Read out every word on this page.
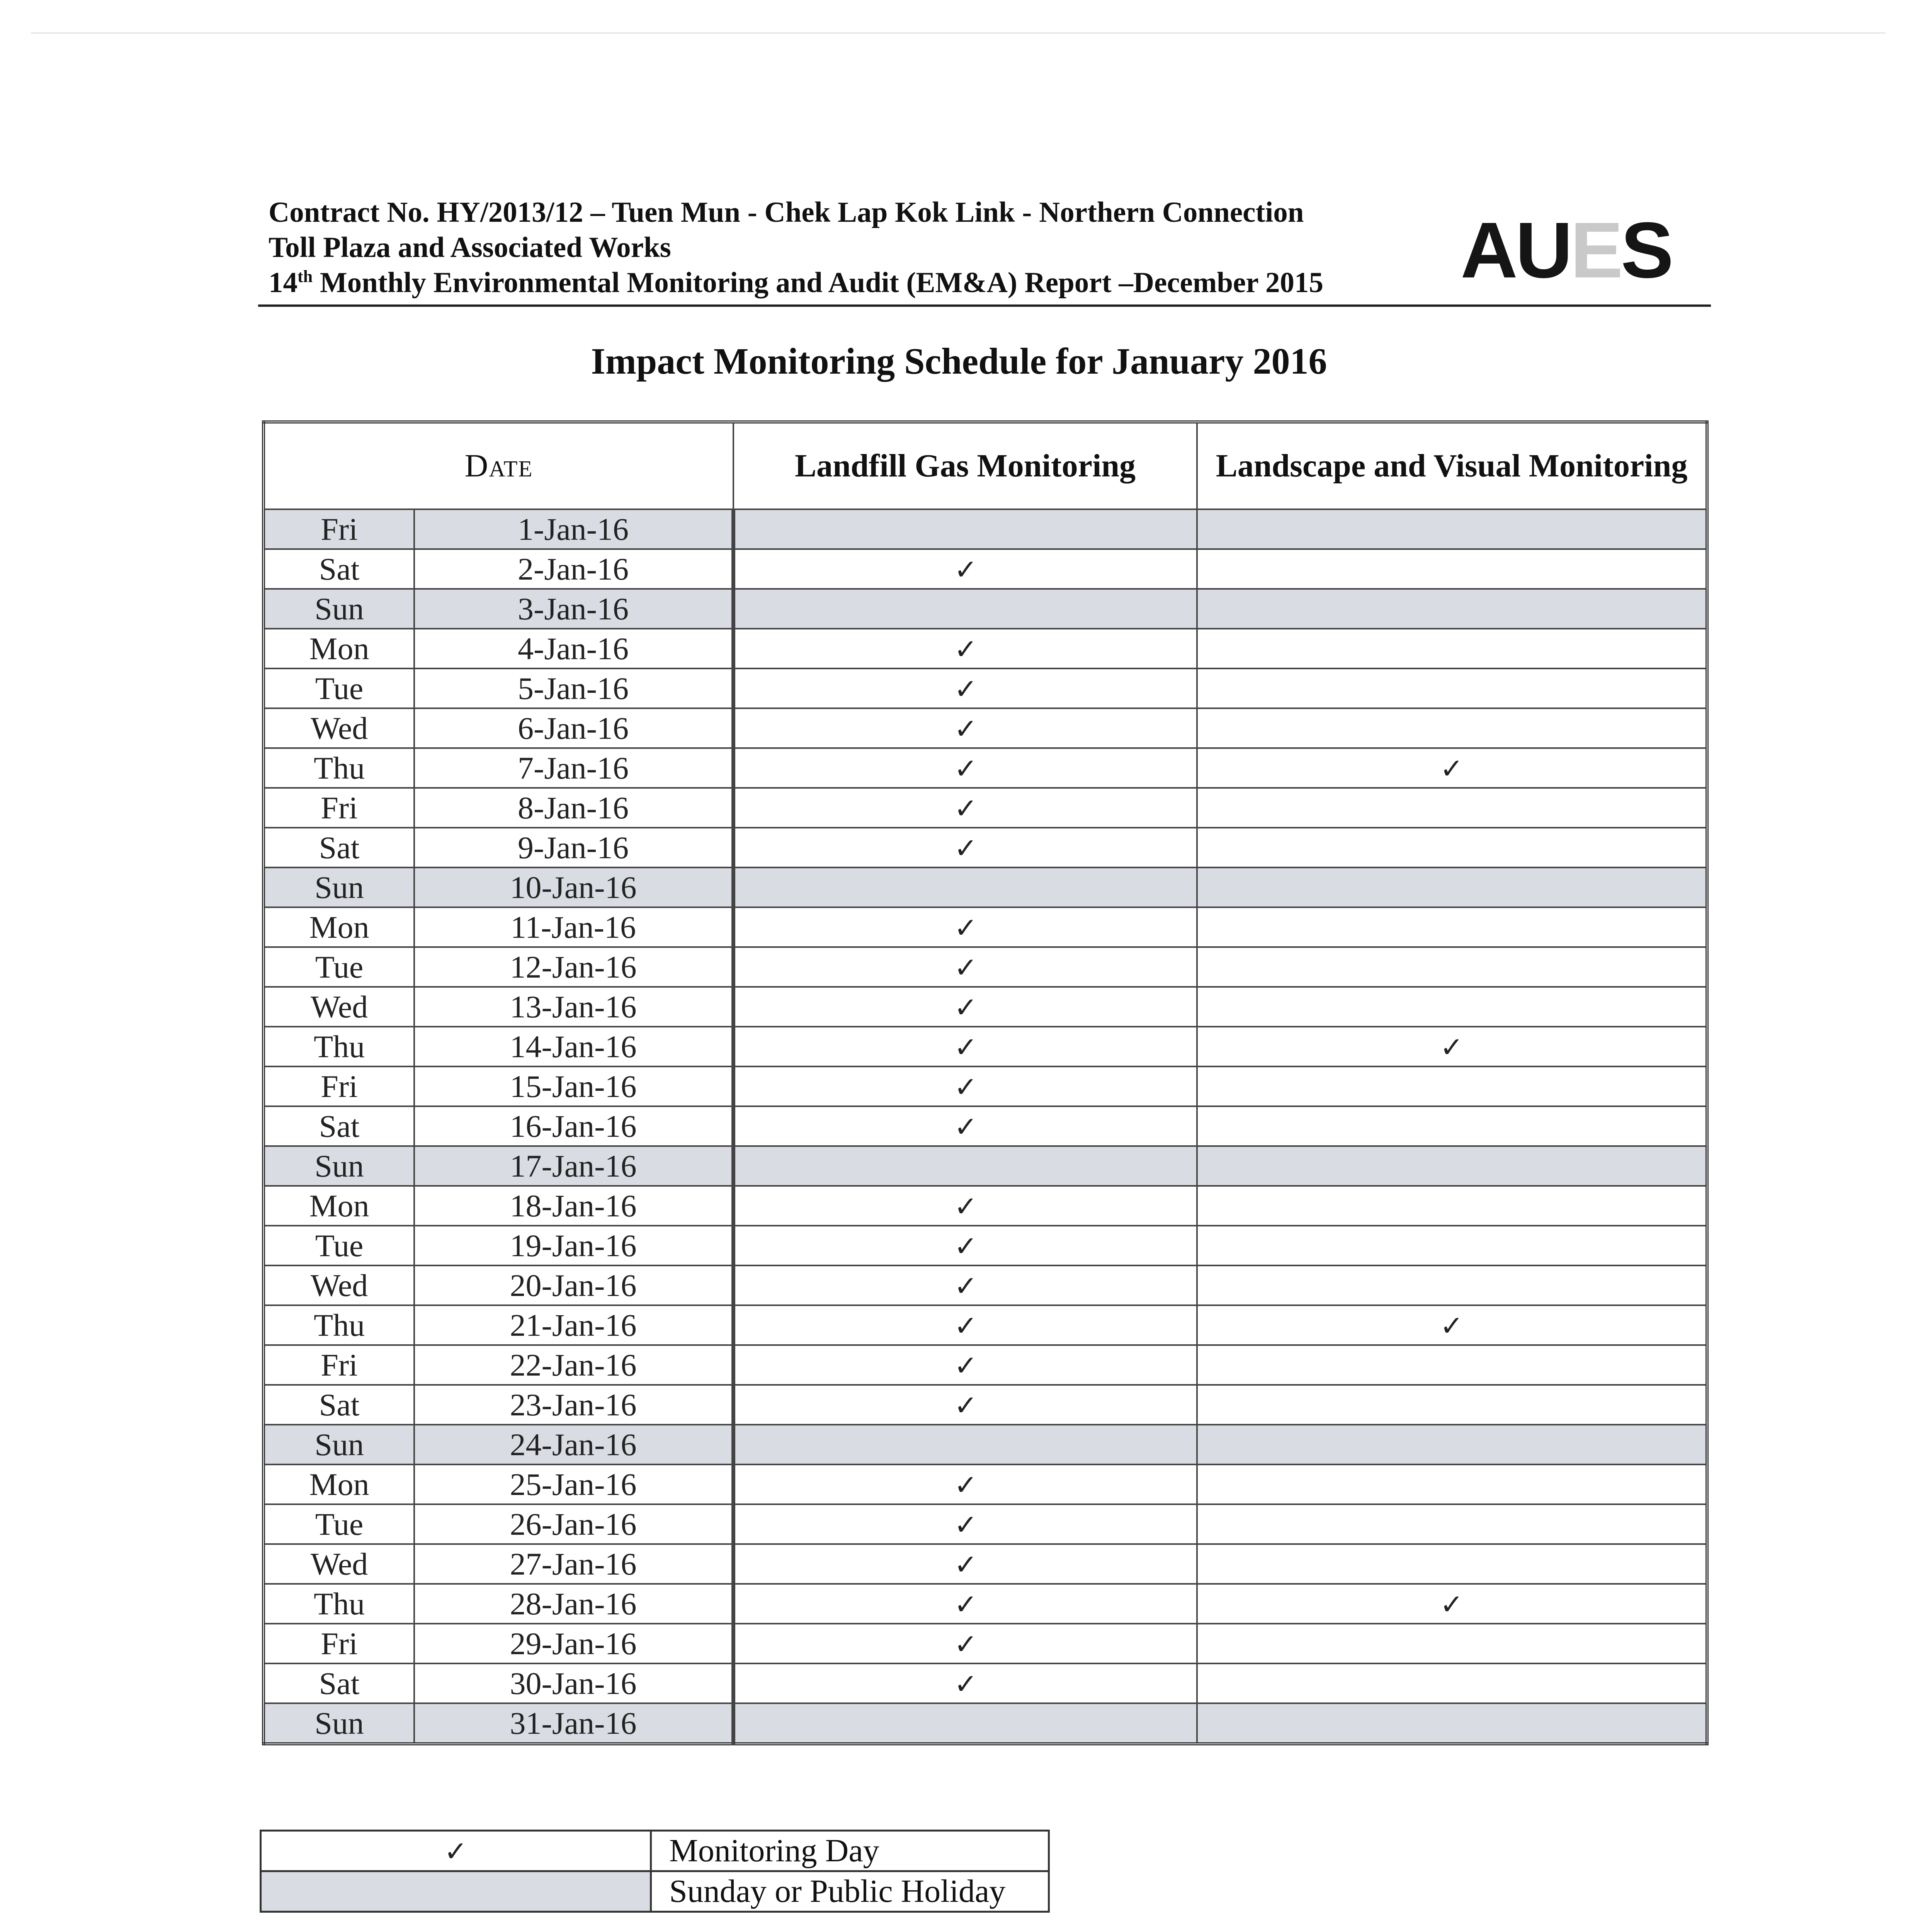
Contract No. HY/2013/12 – Tuen Mun - Chek Lap Kok Link - Northern Connection
Toll Plaza and Associated Works
14th Monthly Environmental Monitoring and Audit (EM&A) Report –December 2015 AUES
Impact Monitoring Schedule for January 2016
Date		Landfill Gas Monitoring	Landscape and Visual Monitoring
Fri	1-Jan-16		
Sat	2-Jan-16	✓	
Sun	3-Jan-16		
Mon	4-Jan-16	✓	
Tue	5-Jan-16	✓	
Wed	6-Jan-16	✓	
Thu	7-Jan-16	✓	✓
Fri	8-Jan-16	✓	
Sat	9-Jan-16	✓	
Sun	10-Jan-16		
Mon	11-Jan-16	✓	
Tue	12-Jan-16	✓	
Wed	13-Jan-16	✓	
Thu	14-Jan-16	✓	✓
Fri	15-Jan-16	✓	
Sat	16-Jan-16	✓	
Sun	17-Jan-16		
Mon	18-Jan-16	✓	
Tue	19-Jan-16	✓	
Wed	20-Jan-16	✓	
Thu	21-Jan-16	✓	✓
Fri	22-Jan-16	✓	
Sat	23-Jan-16	✓	
Sun	24-Jan-16		
Mon	25-Jan-16	✓	
Tue	26-Jan-16	✓	
Wed	27-Jan-16	✓	
Thu	28-Jan-16	✓	✓
Fri	29-Jan-16	✓	
Sat	30-Jan-16	✓	
Sun	31-Jan-16		
✓	Monitoring Day
	Sunday or Public Holiday
